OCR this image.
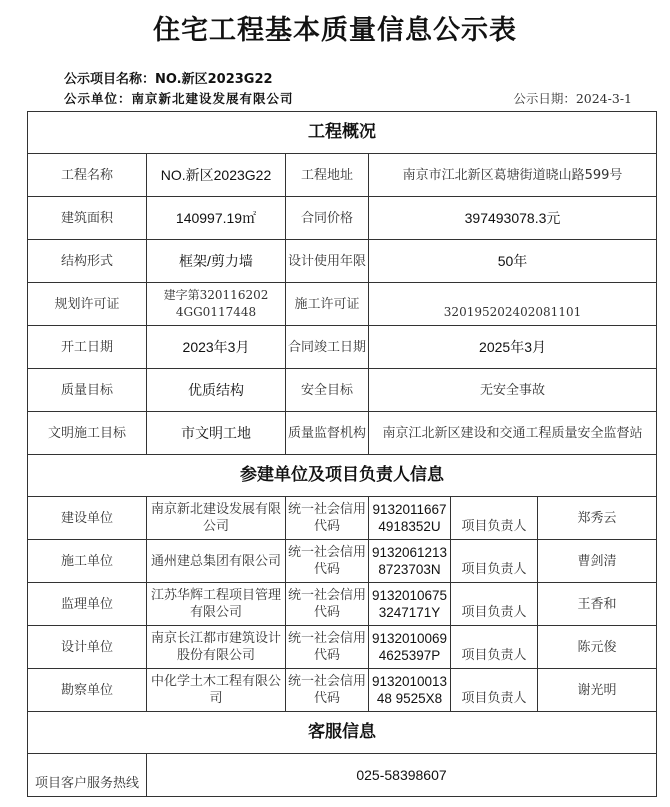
住宅工程基本质量信息公示表
公示项目名称：NO.新区2023G22
公示单位：南京新北建设发展有限公司	公示日期：2024-3-1
工程概况					
工程名称	NO.新区2023G22	工程地址	南京市江北新区葛塘街道晓山路599号		
建筑面积	140997.19㎡	合同价格	397493078.3元		
结构形式	框架/剪力墙	设计使用年限	50年		
规划许可证	建字第320116202​4GG0117448	施工许可证	320195202402081101		
开工日期	2023年3月	合同竣工日期	2025年3月		
质量目标	优质结构	安全目标	无安全事故		
文明施工目标	市文明工地	质量监督机构	南京江北新区建设和交通工程质量安全监督站		
参建单位及项目负责人信息					
建设单位	南京新北建设发展有限公司	统一社会信用代码	91320116674918352U	项目负责人	郑秀云
施工单位	通州建总集团有限公司	统一社会信用代码	91320612138723703N	项目负责人	曹剑清
监理单位	江苏华辉工程项目管理有限公司	统一社会信用代码	91320106753247171Y	项目负责人	王香和
设计单位	南京长江都市建筑设计股份有限公司	统一社会信用代码	91320100694625397P	项目负责人	陈元俊
勘察单位	中化学土木工程有限公司	统一社会信用代码	913201001348 9525X8	项目负责人	谢光明
客服信息					
项目客户服务热线	025-58398607				
